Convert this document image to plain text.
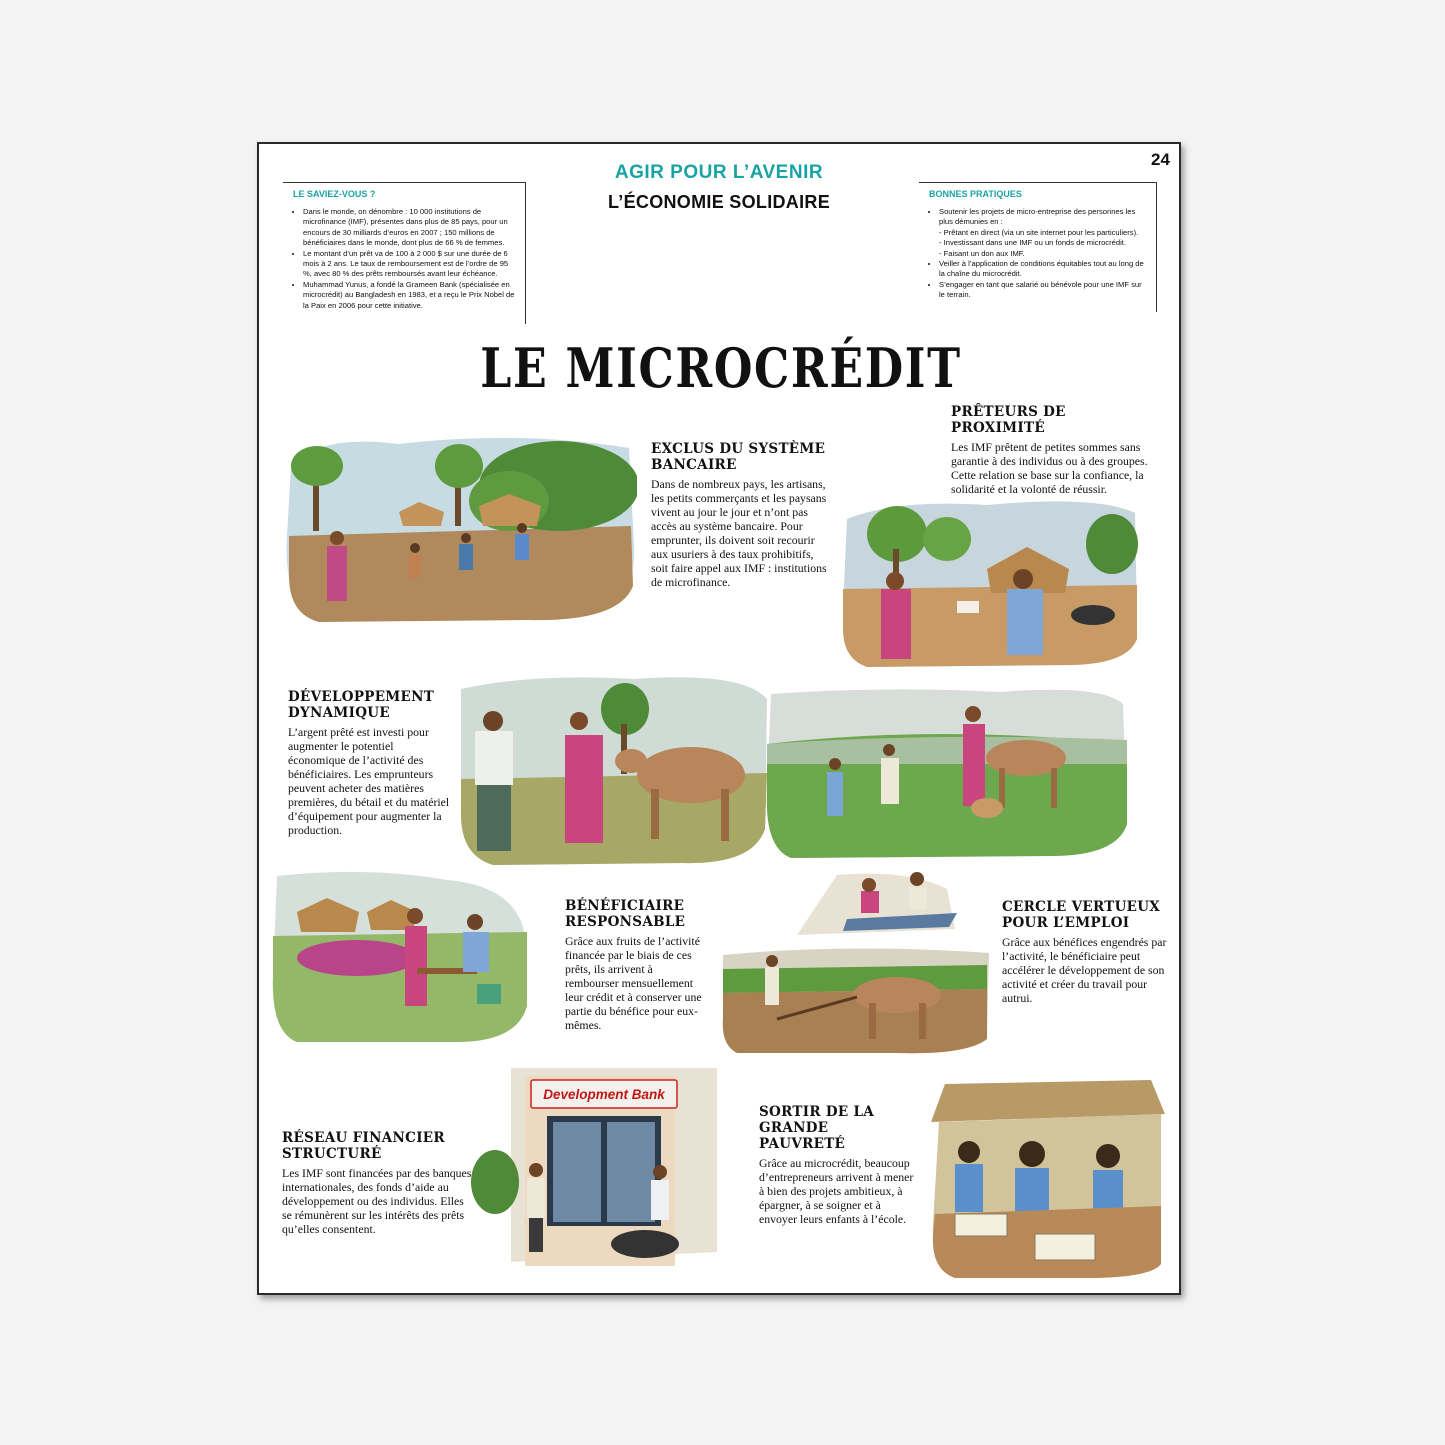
24
AGIR POUR L’AVENIR
L’ÉCONOMIE SOLIDAIRE
LE SAVIEZ-VOUS ?
• Dans le monde, on dénombre : 10 000 institutions de microfinance (IMF), présentes dans plus de 85 pays, pour un encours de 30 milliards d’euros en 2007 ; 150 millions de bénéficiaires dans le monde, dont plus de 66 % de femmes.
• Le montant d’un prêt va de 100 à 2 000 $ sur une durée de 6 mois à 2 ans. Le taux de remboursement est de l’ordre de 95 %, avec 80 % des prêts remboursés avant leur échéance.
• Muhammad Yunus, a fondé la Grameen Bank (spécialisée en microcrédit) au Bangladesh en 1983, et a reçu le Prix Nobel de la Paix en 2006 pour cette initiative.
BONNES PRATIQUES
• Soutenir les projets de micro-entreprise des personnes les plus démunies en :
- Prêtant en direct (via un site internet pour les particuliers).
- Investissant dans une IMF ou un fonds de microcrédit.
- Faisant un don aux IMF.
• Veiller à l’application de conditions équitables tout au long de la chaîne du microcrédit.
• S’engager en tant que salarié ou bénévole pour une IMF sur le terrain.
LE MICROCRÉDIT
EXCLUS DU SYSTÈME BANCAIRE
Dans de nombreux pays, les artisans, les petits commerçants et les paysans vivent au jour le jour et n’ont pas accès au système bancaire. Pour emprunter, ils doivent soit recourir aux usuriers à des taux prohibitifs, soit faire appel aux IMF : institutions de microfinance.
PRÊTEURS DE PROXIMITÉ
Les IMF prêtent de petites sommes sans garantie à des individus ou à des groupes. Cette relation se base sur la confiance, la solidarité et la volonté de réussir.
DÉVELOPPEMENT DYNAMIQUE
L’argent prêté est investi pour augmenter le potentiel économique de l’activité des bénéficiaires. Les emprunteurs peuvent acheter des matières premières, du bétail et du matériel d’équipement pour augmenter la production.
BÉNÉFICIAIRE RESPONSABLE
Grâce aux fruits de l’activité financée par le biais de ces prêts, ils arrivent à rembourser mensuellement leur crédit et à conserver une partie du bénéfice pour eux-mêmes.
CERCLE VERTUEUX POUR L’EMPLOI
Grâce aux bénéfices engendrés par l’activité, le bénéficiaire peut accélérer le développement de son activité et créer du travail pour autrui.
RÉSEAU FINANCIER STRUCTURÉ
Les IMF sont financées par des banques internationales, des fonds d’aide au développement ou des individus. Elles se rémunèrent sur les intérêts des prêts qu’elles consentent.
SORTIR DE LA GRANDE PAUVRETÉ
Grâce au microcrédit, beaucoup d’entrepreneurs arrivent à mener à bien des projets ambitieux, à épargner, à se soigner et à envoyer leurs enfants à l’école.
Development Bank
